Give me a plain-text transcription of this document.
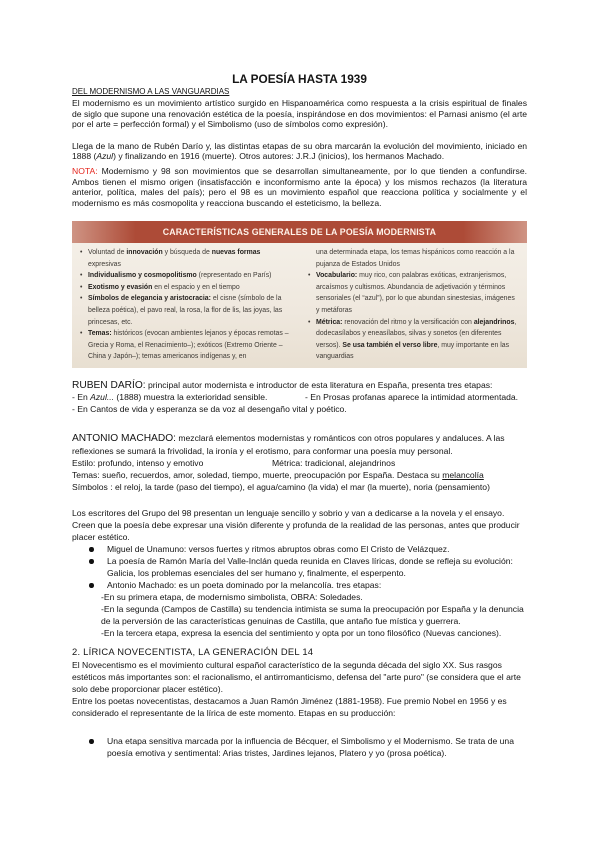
LA POESÍA HASTA 1939
DEL MODERNISMO A LAS VANGUARDIAS

El modernismo es un movimiento artístico surgido en Hispanoamérica como respuesta a la crisis espiritual de finales de siglo que supone una renovación estética de la poesía, inspirándose en dos movimientos: el Parnasi anismo (el arte por el arte = perfección formal) y el Simbolismo (uso de símbolos como expresión).

Llega de la mano de Rubén Darío y, las distintas etapas de su obra marcarán la evolución del movimiento, iniciado en 1888 (Azul) y finalizando en 1916 (muerte). Otros autores: J.R.J (inicios), los hermanos Machado.

NOTA: Modernismo y 98 son movimientos que se desarrollan simultaneamente, por lo que tienden a confundirse. Ambos tienen el mismo origen (insatisfacción e inconformismo ante la época) y los mismos rechazos (la literatura anterior, política, males del país); pero el 98 es un movimiento español que reacciona política y socialmente y el modernismo es más cosmopolita y reacciona buscando el esteticismo, la belleza.

CARACTERÍSTICAS GENERALES DE LA POESÍA MODERNISTA
• Voluntad de innovación y búsqueda de nuevas formas expresivas
• Individualismo y cosmopolitismo (representado en París)
• Exotismo y evasión en el espacio y en el tiempo
• Símbolos de elegancia y aristocracia: el cisne (símbolo de la belleza poética), el pavo real, la rosa, la flor de lis, las joyas, las princesas, etc.
• Temas: históricos (evocan ambientes lejanos y épocas remotas –Grecia y Roma, el Renacimiento–); exóticos (Extremo Oriente –China y Japón–); temas americanos indígenas y, en
una determinada etapa, los temas hispánicos como reacción a la pujanza de Estados Unidos
• Vocabulario: muy rico, con palabras exóticas, extranjerismos, arcaísmos y cultismos. Abundancia de adjetivación y términos sensoriales (el “azul”), por lo que abundan sinestesias, imágenes y metáforas
• Métrica: renovación del ritmo y la versificación con alejandrinos, dodecasílabos y eneasílabos, silvas y sonetos (en diferentes versos). Se usa también el verso libre, muy importante en las vanguardias
RUBEN DARÍO: principal autor modernista e introductor de esta literatura en España, presenta tres etapas:
- En Azul... (1888) muestra la exterioridad sensible.	- En Prosas profanas aparece la intimidad atormentada.
- En Cantos de vida y esperanza se da voz al desengaño vital y poético.
ANTONIO MACHADO: mezclará elementos modernistas y románticos con otros populares y andaluces. A las reflexiones se sumará la frivolidad, la ironía y el erotismo, para conformar una poesía muy personal.
Estilo: profundo, intenso y emotivo	Métrica: tradicional, alejandrinos
Temas: sueño, recuerdos, amor, soledad, tiempo, muerte, preocupación por España. Destaca su melancolía
Símbolos : el reloj, la tarde (paso del tiempo), el agua/camino (la vida) el mar (la muerte), noria (pensamiento)

Los escritores del Grupo del 98 presentan un lenguaje sencillo y sobrio y van a dedicarse a la novela y el ensayo. Creen que la poesía debe expresar una visión diferente y profunda de la realidad de las personas, antes que producir placer estético.

Miguel de Unamuno: versos fuertes y ritmos abruptos obras como El Cristo de Velázquez.
La poesía de Ramón María del Valle-Inclán queda reunida en Claves líricas, donde se refleja su evolución: Galicia, los problemas esenciales del ser humano y, finalmente, el esperpento.
Antonio Machado: es un poeta dominado por la melancolía. tres etapas:
-En su primera etapa, de modernismo simbolista, OBRA: Soledades.
-En la segunda (Campos de Castilla) su tendencia intimista se suma la preocupación por España y la denuncia de la perversión de las características genuinas de Castilla, que antaño fue mística y guerrera.
-En la tercera etapa, expresa la esencia del sentimiento y opta por un tono filosófico (Nuevas canciones).
2. LÍRICA NOVECENTISTA, LA GENERACIÓN DEL 14

El Novecentismo es el movimiento cultural español característico de la segunda década del siglo XX. Sus rasgos estéticos más importantes son: el racionalismo, el antirromanticismo, defensa del "arte puro" (se considera que el arte solo debe proporcionar placer estético).

Entre los poetas novecentistas, destacamos a Juan Ramón Jiménez (1881-1958). Fue premio Nobel en 1956 y es considerado el representante de la lírica de este momento. Etapas en su producción:

Una etapa sensitiva marcada por la influencia de Bécquer, el Simbolismo y el Modernismo. Se trata de una poesía emotiva y sentimental: Arias tristes, Jardines lejanos, Platero y yo (prosa poética).
